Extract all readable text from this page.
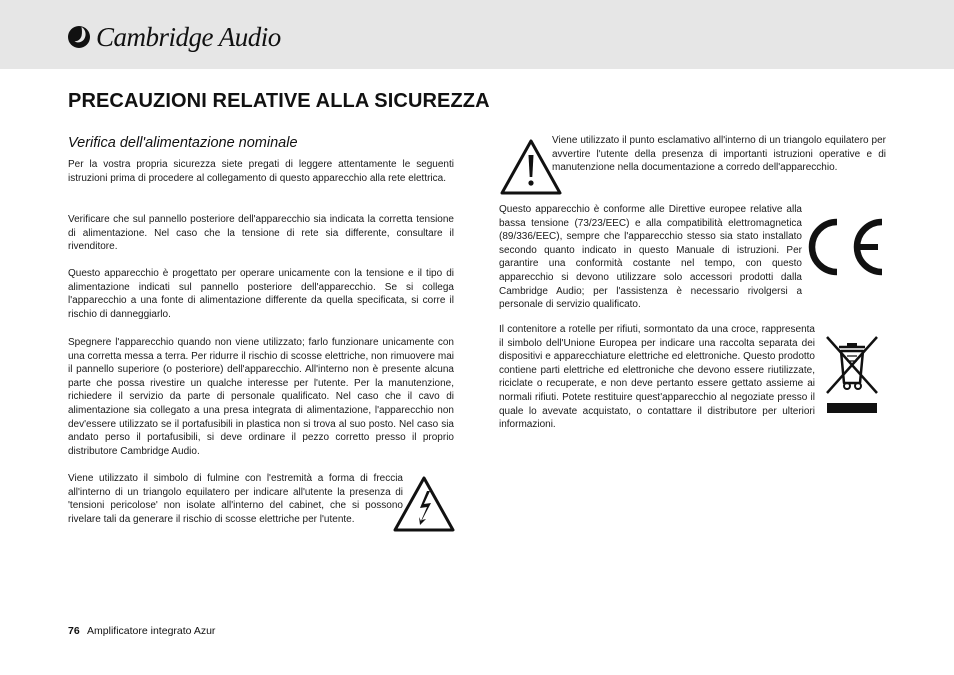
Cambridge Audio
PRECAUZIONI RELATIVE ALLA SICUREZZA
Verifica dell'alimentazione nominale

Per la vostra propria sicurezza siete pregati di leggere attentamente le seguenti istruzioni prima di procedere al collegamento di questo apparecchio alla rete elettrica.

Verificare che sul pannello posteriore dell'apparecchio sia indicata la corretta tensione di alimentazione. Nel caso che la tensione di rete sia differente, consultare il rivenditore.

Questo apparecchio è progettato per operare unicamente con la tensione e il tipo di alimentazione indicati sul pannello posteriore dell'apparecchio. Se si collega l'apparecchio a una fonte di alimentazione differente da quella specificata, si corre il rischio di danneggiarlo.

Spegnere l'apparecchio quando non viene utilizzato; farlo funzionare unicamente con una corretta messa a terra. Per ridurre il rischio di scosse elettriche, non rimuovere mai il pannello superiore (o posteriore) dell'apparecchio. All'interno non è presente alcuna parte che possa rivestire un qualche interesse per l'utente. Per la manutenzione, richiedere il servizio da parte di personale qualificato. Nel caso che il cavo di alimentazione sia collegato a una presa integrata di alimentazione, l'apparecchio non dev'essere utilizzato se il portafusibili in plastica non si trova al suo posto. Nel caso sia andato perso il portafusibili, si deve ordinare il pezzo corretto presso il proprio distributore Cambridge Audio.

Viene utilizzato il simbolo di fulmine con l'estremità a forma di freccia all'interno di un triangolo equilatero per indicare all'utente la presenza di 'tensioni pericolose' non isolate all'interno del cabinet, che si possono rivelare tali da generare il rischio di scosse elettriche per l'utente.

Viene utilizzato il punto esclamativo all'interno di un triangolo equilatero per avvertire l'utente della presenza di importanti istruzioni operative e di manutenzione nella documentazione a corredo dell'apparecchio.

Questo apparecchio è conforme alle Direttive europee relative alla bassa tensione (73/23/EEC) e alla compatibilità elettromagnetica (89/336/EEC), sempre che l'apparecchio stesso sia stato installato secondo quanto indicato in questo Manuale di istruzioni. Per garantire una conformità costante nel tempo, con questo apparecchio si devono utilizzare solo accessori prodotti dalla Cambridge Audio; per l'assistenza è necessario rivolgersi a personale di servizio qualificato.

Il contenitore a rotelle per rifiuti, sormontato da una croce, rappresenta il simbolo dell'Unione Europea per indicare una raccolta separata dei dispositivi e apparecchiature elettriche ed elettroniche. Questo prodotto contiene parti elettriche ed elettroniche che devono essere riutilizzate, riciclate o recuperate, e non deve pertanto essere gettato assieme ai normali rifiuti. Potete restituire quest'apparecchio al negoziate presso il quale lo avevate acquistato, o contattare il distributore per ulteriori informazioni.

76 Amplificatore integrato Azur
